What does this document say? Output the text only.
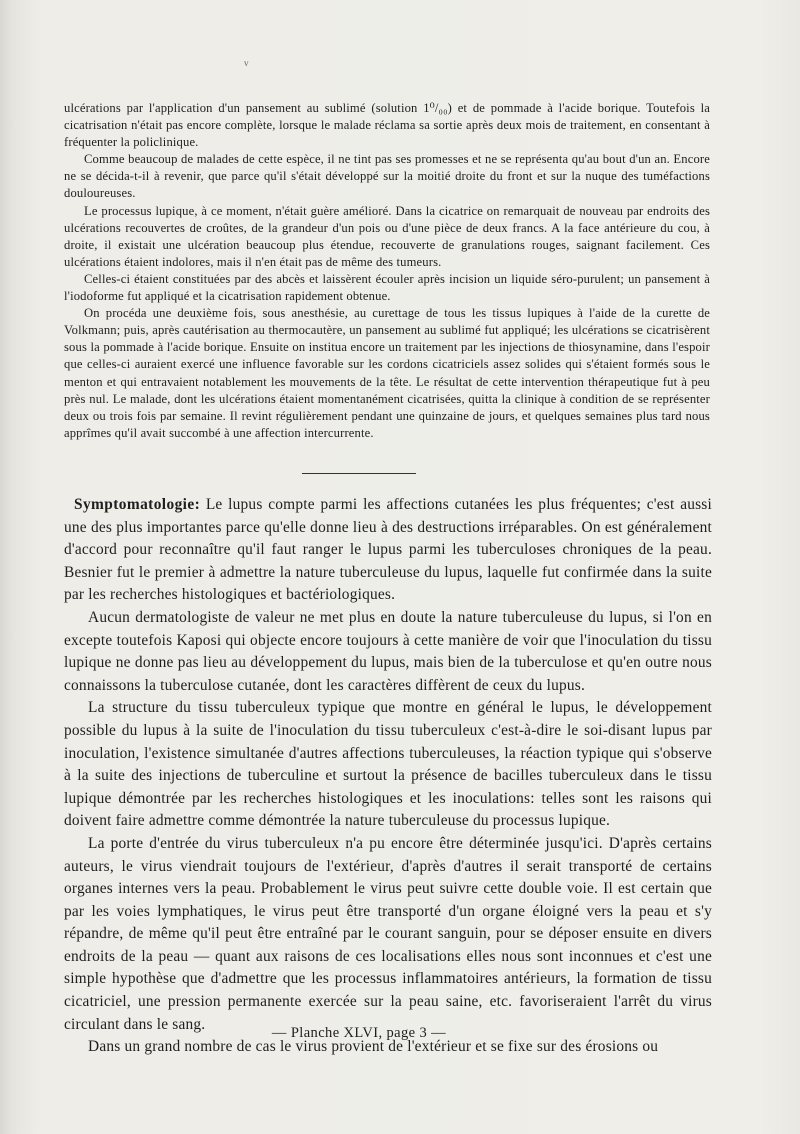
v

ulcérations par l'application d'un pansement au sublimé (solution 1⁰/₀₀) et de pommade à l'acide borique. Toutefois la cicatrisation n'était pas encore complète, lorsque le malade réclama sa sortie après deux mois de traitement, en consentant à fréquenter la policlinique.

Comme beaucoup de malades de cette espèce, il ne tint pas ses promesses et ne se représenta qu'au bout d'un an. Encore ne se décida-t-il à revenir, que parce qu'il s'était développé sur la moitié droite du front et sur la nuque des tuméfactions douloureuses.

Le processus lupique, à ce moment, n'était guère amélioré. Dans la cicatrice on remarquait de nouveau par endroits des ulcérations recouvertes de croûtes, de la grandeur d'un pois ou d'une pièce de deux francs. A la face antérieure du cou, à droite, il existait une ulcération beaucoup plus étendue, recouverte de granulations rouges, saignant facilement. Ces ulcérations étaient indolores, mais il n'en était pas de même des tumeurs.

Celles-ci étaient constituées par des abcès et laissèrent écouler après incision un liquide séro-purulent; un pansement à l'iodoforme fut appliqué et la cicatrisation rapidement obtenue.

On procéda une deuxième fois, sous anesthésie, au curettage de tous les tissus lupiques à l'aide de la curette de Volkmann; puis, après cautérisation au thermocautère, un pansement au sublimé fut appliqué; les ulcérations se cicatrisèrent sous la pommade à l'acide borique. Ensuite on institua encore un traitement par les injections de thiosynamine, dans l'espoir que celles-ci auraient exercé une influence favorable sur les cordons cicatriciels assez solides qui s'étaient formés sous le menton et qui entravaient notablement les mouvements de la tête. Le résultat de cette intervention thérapeutique fut à peu près nul. Le malade, dont les ulcérations étaient momentanément cicatrisées, quitta la clinique à condition de se représenter deux ou trois fois par semaine. Il revint régulièrement pendant une quinzaine de jours, et quelques semaines plus tard nous apprîmes qu'il avait succombé à une affection intercurrente.

Symptomatologie: Le lupus compte parmi les affections cutanées les plus fréquentes; c'est aussi une des plus importantes parce qu'elle donne lieu à des destructions irréparables. On est généralement d'accord pour reconnaître qu'il faut ranger le lupus parmi les tuberculoses chroniques de la peau. Besnier fut le premier à admettre la nature tuberculeuse du lupus, laquelle fut confirmée dans la suite par les recherches histologiques et bactériologiques.

Aucun dermatologiste de valeur ne met plus en doute la nature tuberculeuse du lupus, si l'on en excepte toutefois Kaposi qui objecte encore toujours à cette manière de voir que l'inoculation du tissu lupique ne donne pas lieu au développement du lupus, mais bien de la tuberculose et qu'en outre nous connaissons la tuberculose cutanée, dont les caractères diffèrent de ceux du lupus.

La structure du tissu tuberculeux typique que montre en général le lupus, le développement possible du lupus à la suite de l'inoculation du tissu tuberculeux c'est-à-dire le soi-disant lupus par inoculation, l'existence simultanée d'autres affections tuberculeuses, la réaction typique qui s'observe à la suite des injections de tuberculine et surtout la présence de bacilles tuberculeux dans le tissu lupique démontrée par les recherches histologiques et les inoculations: telles sont les raisons qui doivent faire admettre comme démontrée la nature tuberculeuse du processus lupique.

La porte d'entrée du virus tuberculeux n'a pu encore être déterminée jusqu'ici. D'après certains auteurs, le virus viendrait toujours de l'extérieur, d'après d'autres il serait transporté de certains organes internes vers la peau. Probablement le virus peut suivre cette double voie. Il est certain que par les voies lymphatiques, le virus peut être transporté d'un organe éloigné vers la peau et s'y répandre, de même qu'il peut être entraîné par le courant sanguin, pour se déposer ensuite en divers endroits de la peau — quant aux raisons de ces localisations elles nous sont inconnues et c'est une simple hypothèse que d'admettre que les processus inflammatoires antérieurs, la formation de tissu cicatriciel, une pression permanente exercée sur la peau saine, etc. favoriseraient l'arrêt du virus circulant dans le sang.

Dans un grand nombre de cas le virus provient de l'extérieur et se fixe sur des érosions ou

— Planche XLVI, page 3 —
